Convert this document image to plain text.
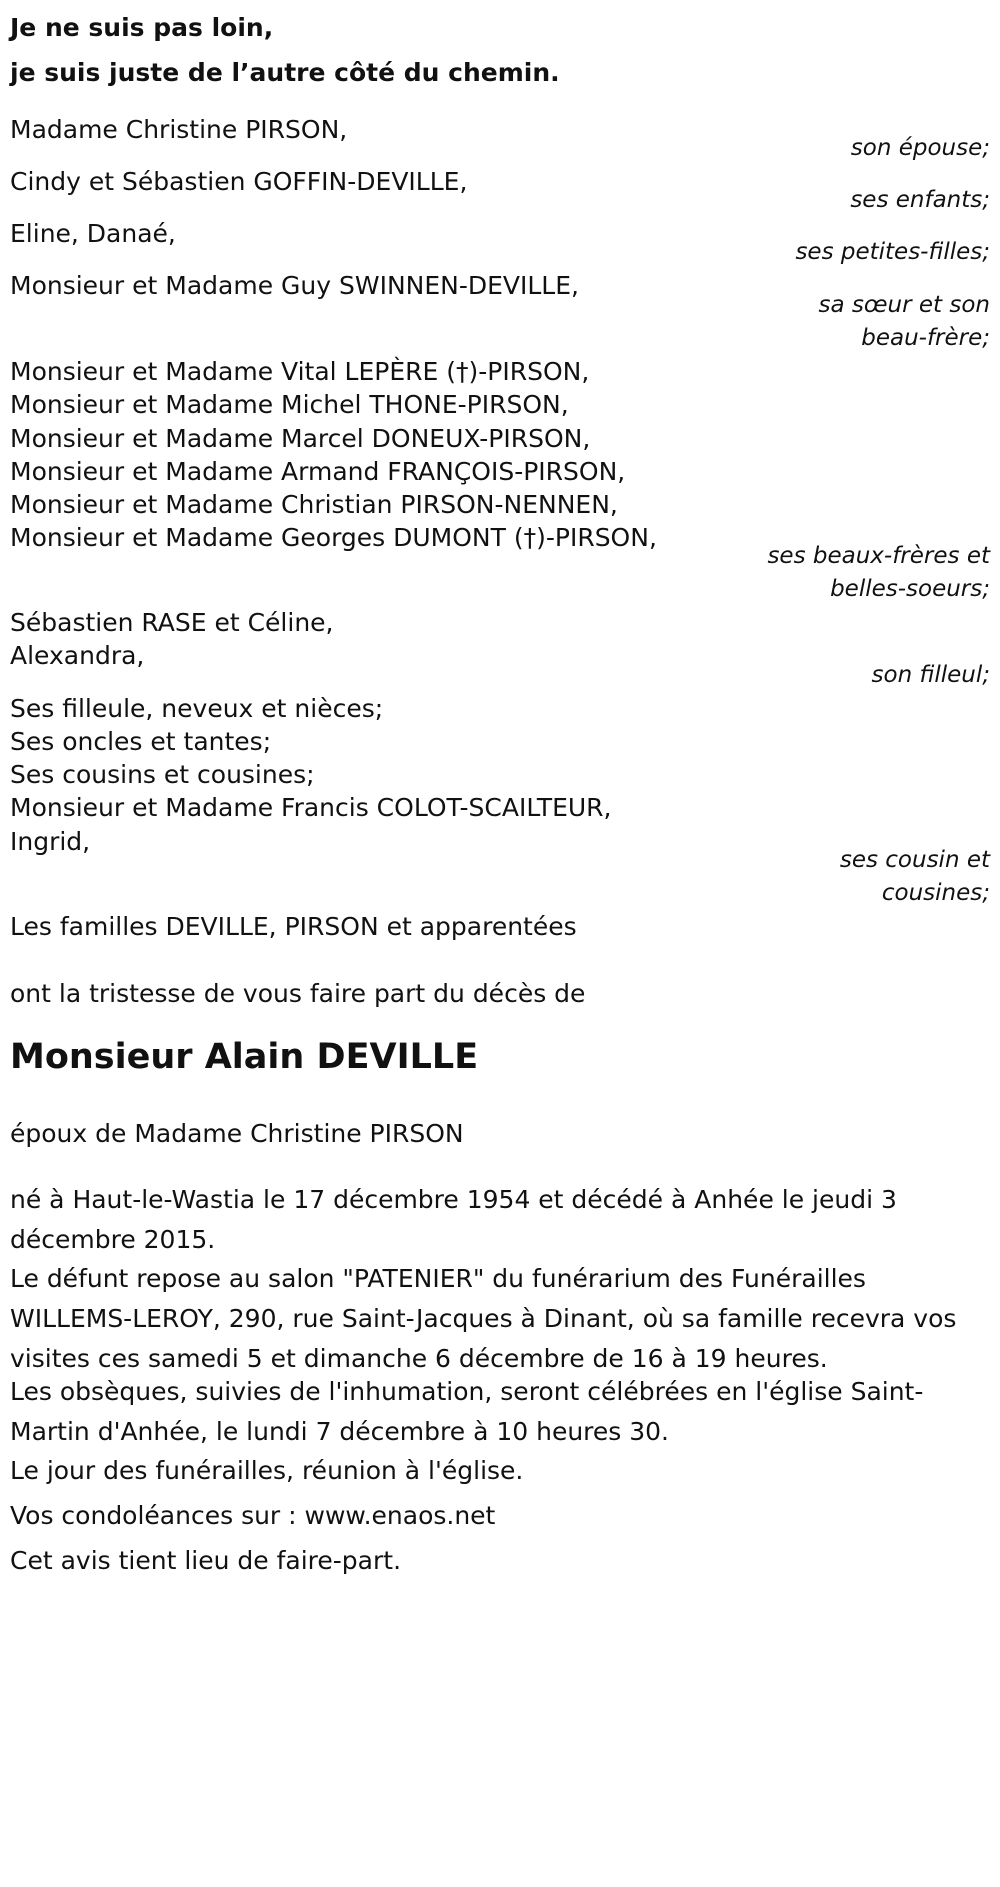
Je ne suis pas loin,
je suis juste de l’autre côté du chemin.
Madame Christine PIRSON,
son épouse;
Cindy et Sébastien GOFFIN-DEVILLE,
ses enfants;
Eline, Danaé,
ses petites-filles;
Monsieur et Madame Guy SWINNEN-DEVILLE,
sa sœur et son
beau-frère;
Monsieur et Madame Vital LEPÈRE (†)-PIRSON,
Monsieur et Madame Michel THONE-PIRSON,
Monsieur et Madame Marcel DONEUX-PIRSON,
Monsieur et Madame Armand FRANÇOIS-PIRSON,
Monsieur et Madame Christian PIRSON-NENNEN,
Monsieur et Madame Georges DUMONT (†)-PIRSON,
ses beaux-frères et
belles-soeurs;
Sébastien RASE et Céline,
Alexandra,
son filleul;
Ses filleule, neveux et nièces;
Ses oncles et tantes;
Ses cousins et cousines;
Monsieur et Madame Francis COLOT-SCAILTEUR,
Ingrid,
ses cousin et
cousines;
Les familles DEVILLE, PIRSON et apparentées
ont la tristesse de vous faire part du décès de
Monsieur Alain DEVILLE
époux de Madame Christine PIRSON
né à Haut-le-Wastia le 17 décembre 1954 et décédé à Anhée le jeudi 3 décembre 2015.
Le défunt repose au salon "PATENIER" du funérarium des Funérailles WILLEMS-LEROY, 290, rue Saint-Jacques à Dinant, où sa famille recevra vos visites ces samedi 5 et dimanche 6 décembre de 16 à 19 heures.
Les obsèques, suivies de l'inhumation, seront célébrées en l'église Saint-Martin d'Anhée, le lundi 7 décembre à 10 heures 30.
Le jour des funérailles, réunion à l'église.
Vos condoléances sur : www.enaos.net
Cet avis tient lieu de faire-part.
